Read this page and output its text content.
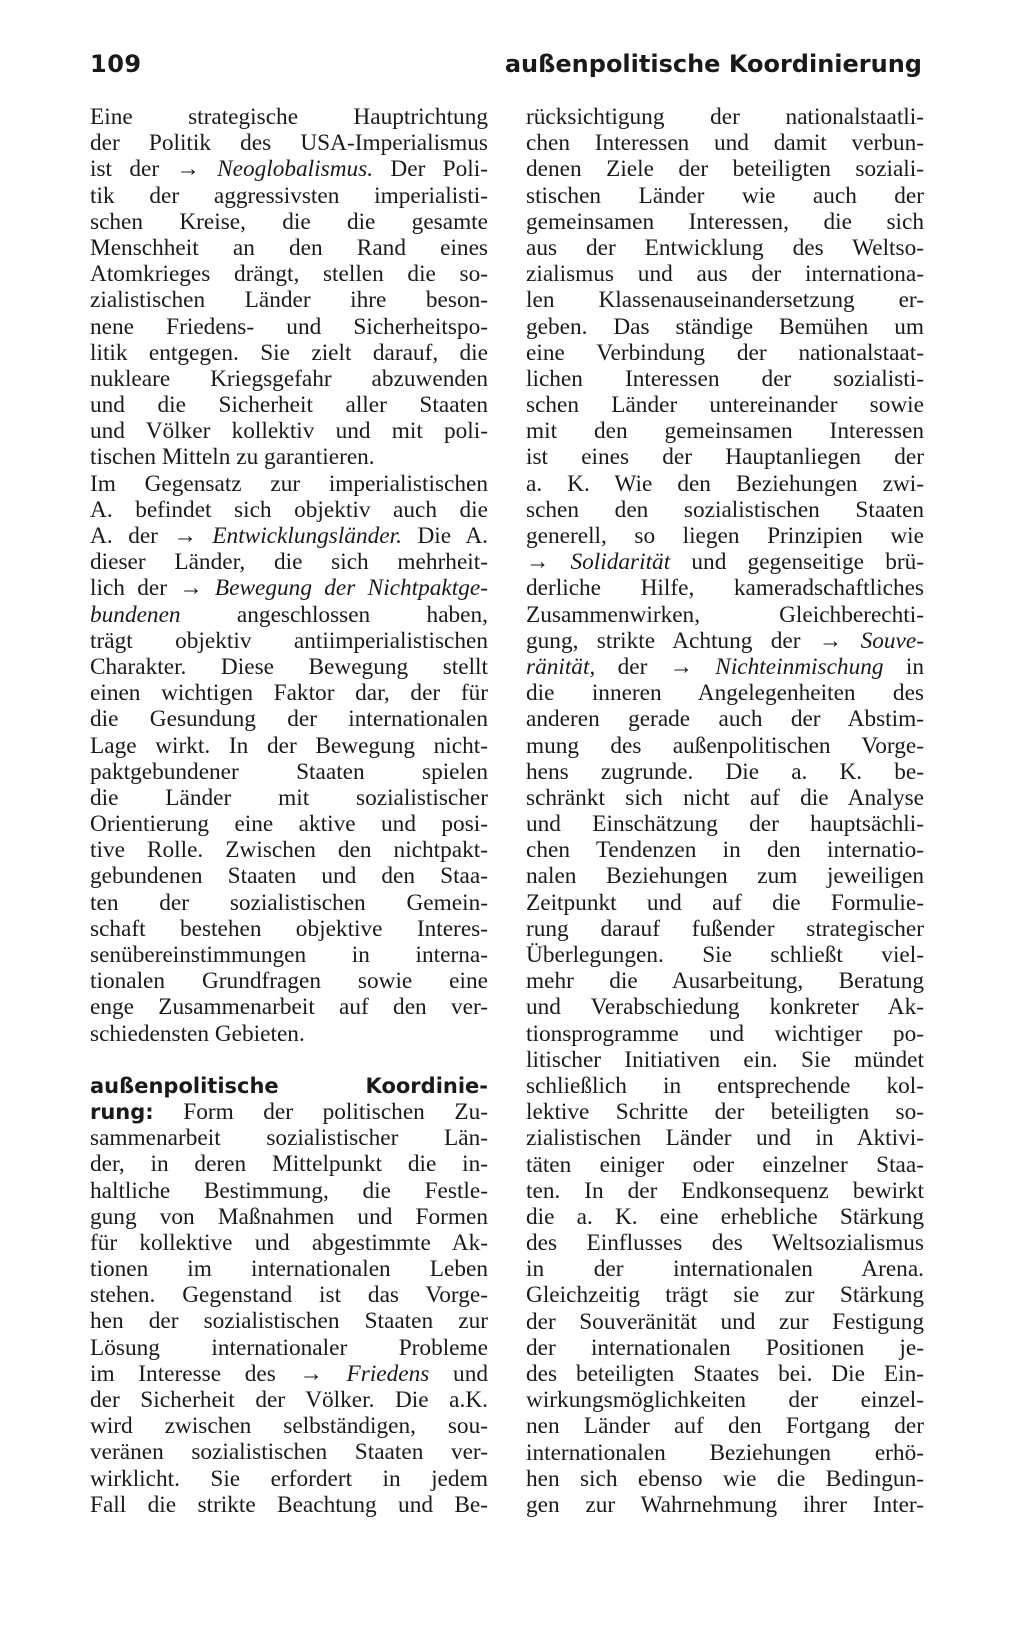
109	außenpolitische Koordinierung
Eine strategische Hauptrichtung
der Politik des USA-Imperialismus
ist der → Neoglobalismus. Der Poli-
tik der aggressivsten imperialisti-
schen Kreise, die die gesamte
Menschheit an den Rand eines
Atomkrieges drängt, stellen die so-
zialistischen Länder ihre beson-
nene Friedens- und Sicherheitspo-
litik entgegen. Sie zielt darauf, die
nukleare Kriegsgefahr abzuwenden
und die Sicherheit aller Staaten
und Völker kollektiv und mit poli-
tischen Mitteln zu garantieren.
Im Gegensatz zur imperialistischen
A. befindet sich objektiv auch die
A. der → Entwicklungsländer. Die A.
dieser Länder, die sich mehrheit-
lich der → Bewegung der Nichtpaktge-
bundenen angeschlossen haben,
trägt objektiv antiimperialistischen
Charakter. Diese Bewegung stellt
einen wichtigen Faktor dar, der für
die Gesundung der internationalen
Lage wirkt. In der Bewegung nicht-
paktgebundener Staaten spielen
die Länder mit sozialistischer
Orientierung eine aktive und posi-
tive Rolle. Zwischen den nichtpakt-
gebundenen Staaten und den Staa-
ten der sozialistischen Gemein-
schaft bestehen objektive Interes-
senübereinstimmungen in interna-
tionalen Grundfragen sowie eine
enge Zusammenarbeit auf den ver-
schiedensten Gebieten.
außenpolitische Koordinie-
rung: Form der politischen Zu-
sammenarbeit sozialistischer Län-
der, in deren Mittelpunkt die in-
haltliche Bestimmung, die Festle-
gung von Maßnahmen und Formen
für kollektive und abgestimmte Ak-
tionen im internationalen Leben
stehen. Gegenstand ist das Vorge-
hen der sozialistischen Staaten zur
Lösung internationaler Probleme
im Interesse des → Friedens und
der Sicherheit der Völker. Die a.K.
wird zwischen selbständigen, sou-
veränen sozialistischen Staaten ver-
wirklicht. Sie erfordert in jedem
Fall die strikte Beachtung und Be-
rücksichtigung der nationalstaatli-
chen Interessen und damit verbun-
denen Ziele der beteiligten soziali-
stischen Länder wie auch der
gemeinsamen Interessen, die sich
aus der Entwicklung des Weltso-
zialismus und aus der internationa-
len Klassenauseinandersetzung er-
geben. Das ständige Bemühen um
eine Verbindung der nationalstaat-
lichen Interessen der sozialisti-
schen Länder untereinander sowie
mit den gemeinsamen Interessen
ist eines der Hauptanliegen der
a. K. Wie den Beziehungen zwi-
schen den sozialistischen Staaten
generell, so liegen Prinzipien wie
→ Solidarität und gegenseitige brü-
derliche Hilfe, kameradschaftliches
Zusammenwirken, Gleichberechti-
gung, strikte Achtung der → Souve-
ränität, der → Nichteinmischung in
die inneren Angelegenheiten des
anderen gerade auch der Abstim-
mung des außenpolitischen Vorge-
hens zugrunde. Die a. K. be-
schränkt sich nicht auf die Analyse
und Einschätzung der hauptsächli-
chen Tendenzen in den internatio-
nalen Beziehungen zum jeweiligen
Zeitpunkt und auf die Formulie-
rung darauf fußender strategischer
Überlegungen. Sie schließt viel-
mehr die Ausarbeitung, Beratung
und Verabschiedung konkreter Ak-
tionsprogramme und wichtiger po-
litischer Initiativen ein. Sie mündet
schließlich in entsprechende kol-
lektive Schritte der beteiligten so-
zialistischen Länder und in Aktivi-
täten einiger oder einzelner Staa-
ten. In der Endkonsequenz bewirkt
die a. K. eine erhebliche Stärkung
des Einflusses des Weltsozialismus
in der internationalen Arena.
Gleichzeitig trägt sie zur Stärkung
der Souveränität und zur Festigung
der internationalen Positionen je-
des beteiligten Staates bei. Die Ein-
wirkungsmöglichkeiten der einzel-
nen Länder auf den Fortgang der
internationalen Beziehungen erhö-
hen sich ebenso wie die Bedingun-
gen zur Wahrnehmung ihrer Inter-
